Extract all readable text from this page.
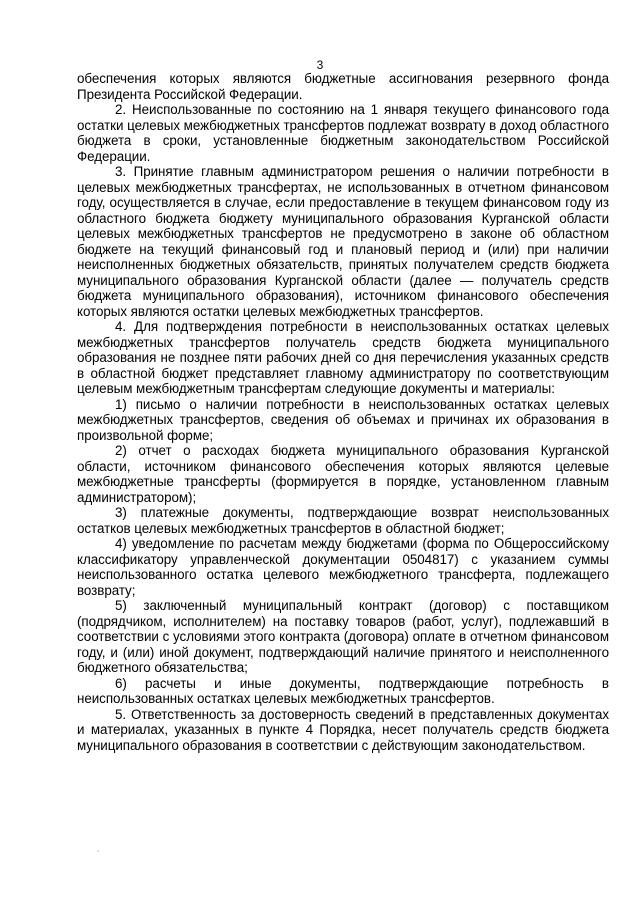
3

обеспечения которых являются бюджетные ассигнования резервного фонда Президента Российской Федерации.

2. Неиспользованные по состоянию на 1 января текущего финансового года остатки целевых межбюджетных трансфертов подлежат возврату в доход областного бюджета в сроки, установленные бюджетным законодательством Российской Федерации.

3. Принятие главным администратором решения о наличии потребности в целевых межбюджетных трансфертах, не использованных в отчетном финансовом году, осуществляется в случае, если предоставление в текущем финансовом году из областного бюджета бюджету муниципального образования Курганской области целевых межбюджетных трансфертов не предусмотрено в законе об областном бюджете на текущий финансовый год и плановый период и (или) при наличии неисполненных бюджетных обязательств, принятых получателем средств бюджета муниципального образования Курганской области (далее — получатель средств бюджета муниципального образования), источником финансового обеспечения которых являются остатки целевых межбюджетных трансфертов.

4. Для подтверждения потребности в неиспользованных остатках целевых межбюджетных трансфертов получатель средств бюджета муниципального образования не позднее пяти рабочих дней со дня перечисления указанных средств в областной бюджет представляет главному администратору по соответствующим целевым межбюджетным трансфертам следующие документы и материалы:

1) письмо о наличии потребности в неиспользованных остатках целевых межбюджетных трансфертов, сведения об объемах и причинах их образования в произвольной форме;

2) отчет о расходах бюджета муниципального образования Курганской области, источником финансового обеспечения которых являются целевые межбюджетные трансферты (формируется в порядке, установленном главным администратором);

3) платежные документы, подтверждающие возврат неиспользованных остатков целевых межбюджетных трансфертов в областной бюджет;

4) уведомление по расчетам между бюджетами (форма по Общероссийскому классификатору управленческой документации 0504817) с указанием суммы неиспользованного остатка целевого межбюджетного трансферта, подлежащего возврату;

5) заключенный муниципальный контракт (договор) с поставщиком (подрядчиком, исполнителем) на поставку товаров (работ, услуг), подлежавший в соответствии с условиями этого контракта (договора) оплате в отчетном финансовом году, и (или) иной документ, подтверждающий наличие принятого и неисполненного бюджетного обязательства;

6) расчеты и иные документы, подтверждающие потребность в неиспользованных остатках целевых межбюджетных трансфертов.

5. Ответственность за достоверность сведений в представленных документах и материалах, указанных в пункте 4 Порядка, несет получатель средств бюджета муниципального образования в соответствии с действующим законодательством.
